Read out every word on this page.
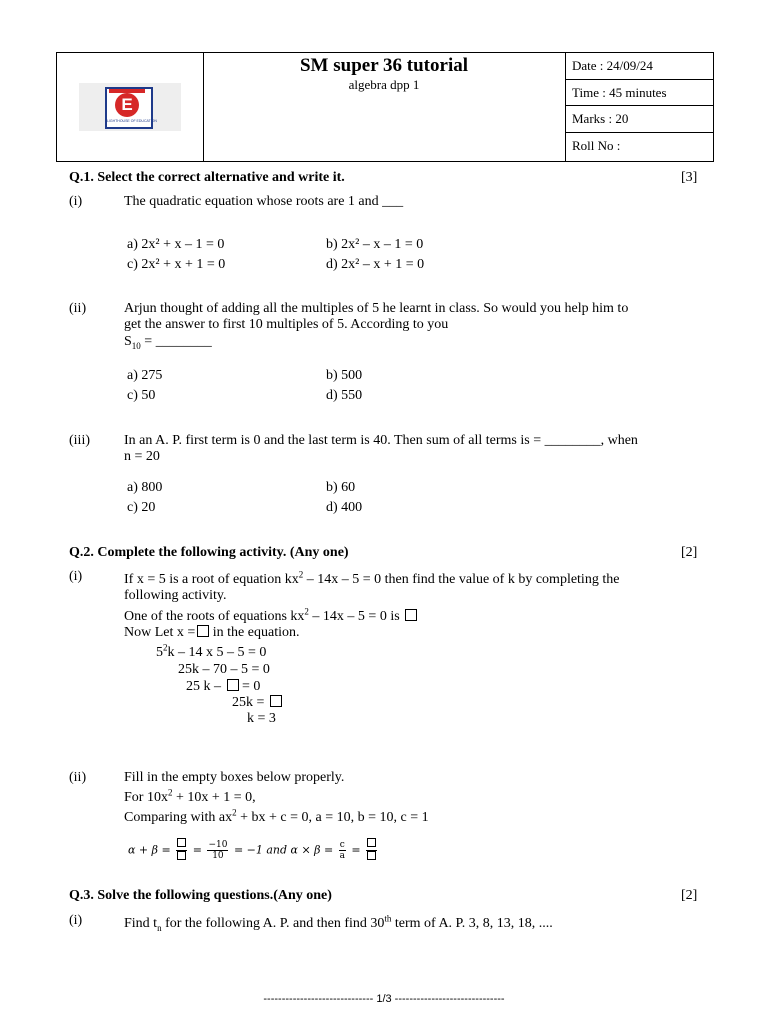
E
LIGHTHOUSE OF EDUCATION
SM super 36 tutorial
algebra dpp 1
Date : 24/09/24
Time : 45 minutes
Marks : 20
Roll No :
Q.1. Select the correct alternative and write it.	[3]
(i)	The quadratic equation whose roots are 1 and ___
a) 2x² + x – 1 = 0	b) 2x² – x – 1 = 0
c) 2x² + x + 1 = 0	d) 2x² – x + 1 = 0
(ii)	Arjun thought of adding all the multiples of 5 he learnt in class. So would you help him to
get the answer to first 10 multiples of 5. According to you
$S_{10}$ = ________
a) 275	b) 500
c) 50	d) 550
(iii) In an A. P. first term is 0 and the last term is 40. Then sum of all terms is = ________, when
n = 20
a) 800	b) 60
c) 20	d) 400
Q.2. Complete the following activity. (Any one)	[2]
(i)	If x = 5 is a root of equation $kx^2 - 14x - 5 = 0$ then find the value of k by completing the
following activity.
One of the roots of equations $kx^2 - 14x - 5 = 0$ is
Now Let x = in the equation.
$5^2k - 14$ x 5 – 5 = 0
25k – 70 – 5 = 0
25 k –  = 0
25k =
k = 3
(ii)	Fill in the empty boxes below properly.
For $10x^2 + 10x + 1 = 0$,
Comparing with $ax^2$ + bx + c = 0, a = 10, b = 10, c = 1
α + β = = $\frac{-10}{10} = -1$ and $\alpha \times \beta = \frac{c}{a}$ =
Q.3. Solve the following questions.(Any one)	[2]
(i)	Find $t_n$ for the following A. P. and then find 30th term of A. P. 3, 8, 13, 18, ....
------------------------------ 1/3 ------------------------------
